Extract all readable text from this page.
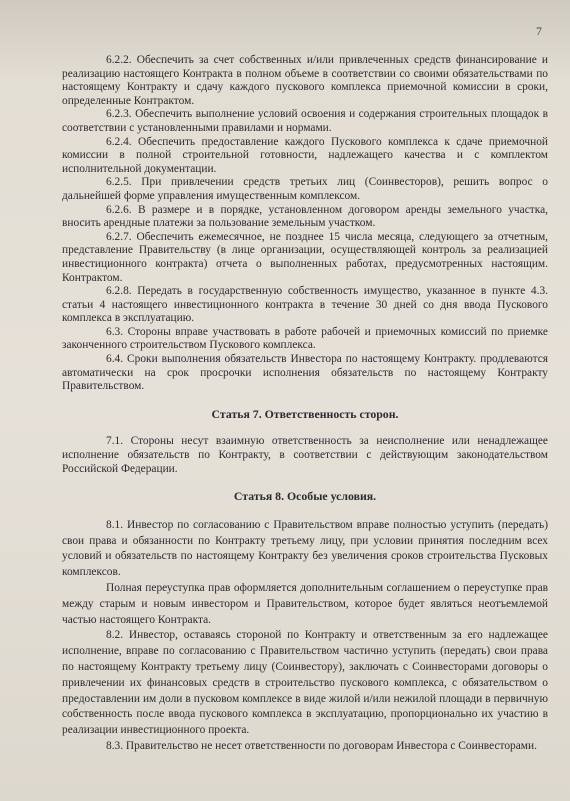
7

6.2.2. Обеспечить за счет собственных и/или привлеченных средств финансирование и реализацию настоящего Контракта в полном объеме в соответствии со своими обязательствами по настоящему Контракту и сдачу каждого пускового комплекса приемочной комиссии в сроки, определенные Контрактом.

6.2.3. Обеспечить выполнение условий освоения и содержания строительных площадок в соответствии с установленными правилами и нормами.

6.2.4. Обеспечить предоставление каждого Пускового комплекса к сдаче приемочной комиссии в полной строительной готовности, надлежащего качества и с комплектом исполнительной документации.

6.2.5. При привлечении средств третьих лиц (Соинвесторов), решить вопрос о дальнейшей форме управления имущественным комплексом.

6.2.6. В размере и в порядке, установленном договором аренды земельного участка, вносить арендные платежи за пользование земельным участком.

6.2.7. Обеспечить ежемесячное, не позднее 15 числа месяца, следующего за отчетным, представление Правительству (в лице организации, осуществляющей контроль за реализацией инвестиционного контракта) отчета о выполненных работах, предусмотренных настоящим. Контрактом.

6.2.8. Передать в государственную собственность имущество, указанное в пункте 4.3. статьи 4 настоящего инвестиционного контракта в течение 30 дней со дня ввода Пускового комплекса в эксплуатацию.

6.3. Стороны вправе участвовать в работе рабочей и приемочных комиссий по приемке законченного строительством Пускового комплекса.

6.4. Сроки выполнения обязательств Инвестора по настоящему Контракту. продлеваются автоматически на срок просрочки исполнения обязательств по настоящему Контракту Правительством.

Статья 7. Ответственность сторон.

7.1. Стороны несут взаимную ответственность за неисполнение или ненадлежащее исполнение обязательств по Контракту, в соответствии с действующим законодательством Российской Федерации.

Статья 8. Особые условия.

8.1. Инвестор по согласованию с Правительством вправе полностью уступить (передать) свои права и обязанности по Контракту третьему лицу, при условии принятия последним всех условий и обязательств по настоящему Контракту без увеличения сроков строительства Пусковых комплексов.

Полная переуступка прав оформляется дополнительным соглашением о переуступке прав между старым и новым инвестором и Правительством, которое будет являться неотъемлемой частью настоящего Контракта.

8.2. Инвестор, оставаясь стороной по Контракту и ответственным за его надлежащее исполнение, вправе по согласованию с Правительством частично уступить (передать) свои права по настоящему Контракту третьему лицу (Соинвестору), заключать с Соинвесторами договоры о привлечении их финансовых средств в строительство пускового комплекса, с обязательством о предоставлении им доли в пусковом комплексе в виде жилой и/или нежилой площади в первичную собственность после ввода пускового комплекса в эксплуатацию, пропорционально их участию в реализации инвестиционного проекта.

8.3. Правительство не несет ответственности по договорам Инвестора с Соинвесторами.
